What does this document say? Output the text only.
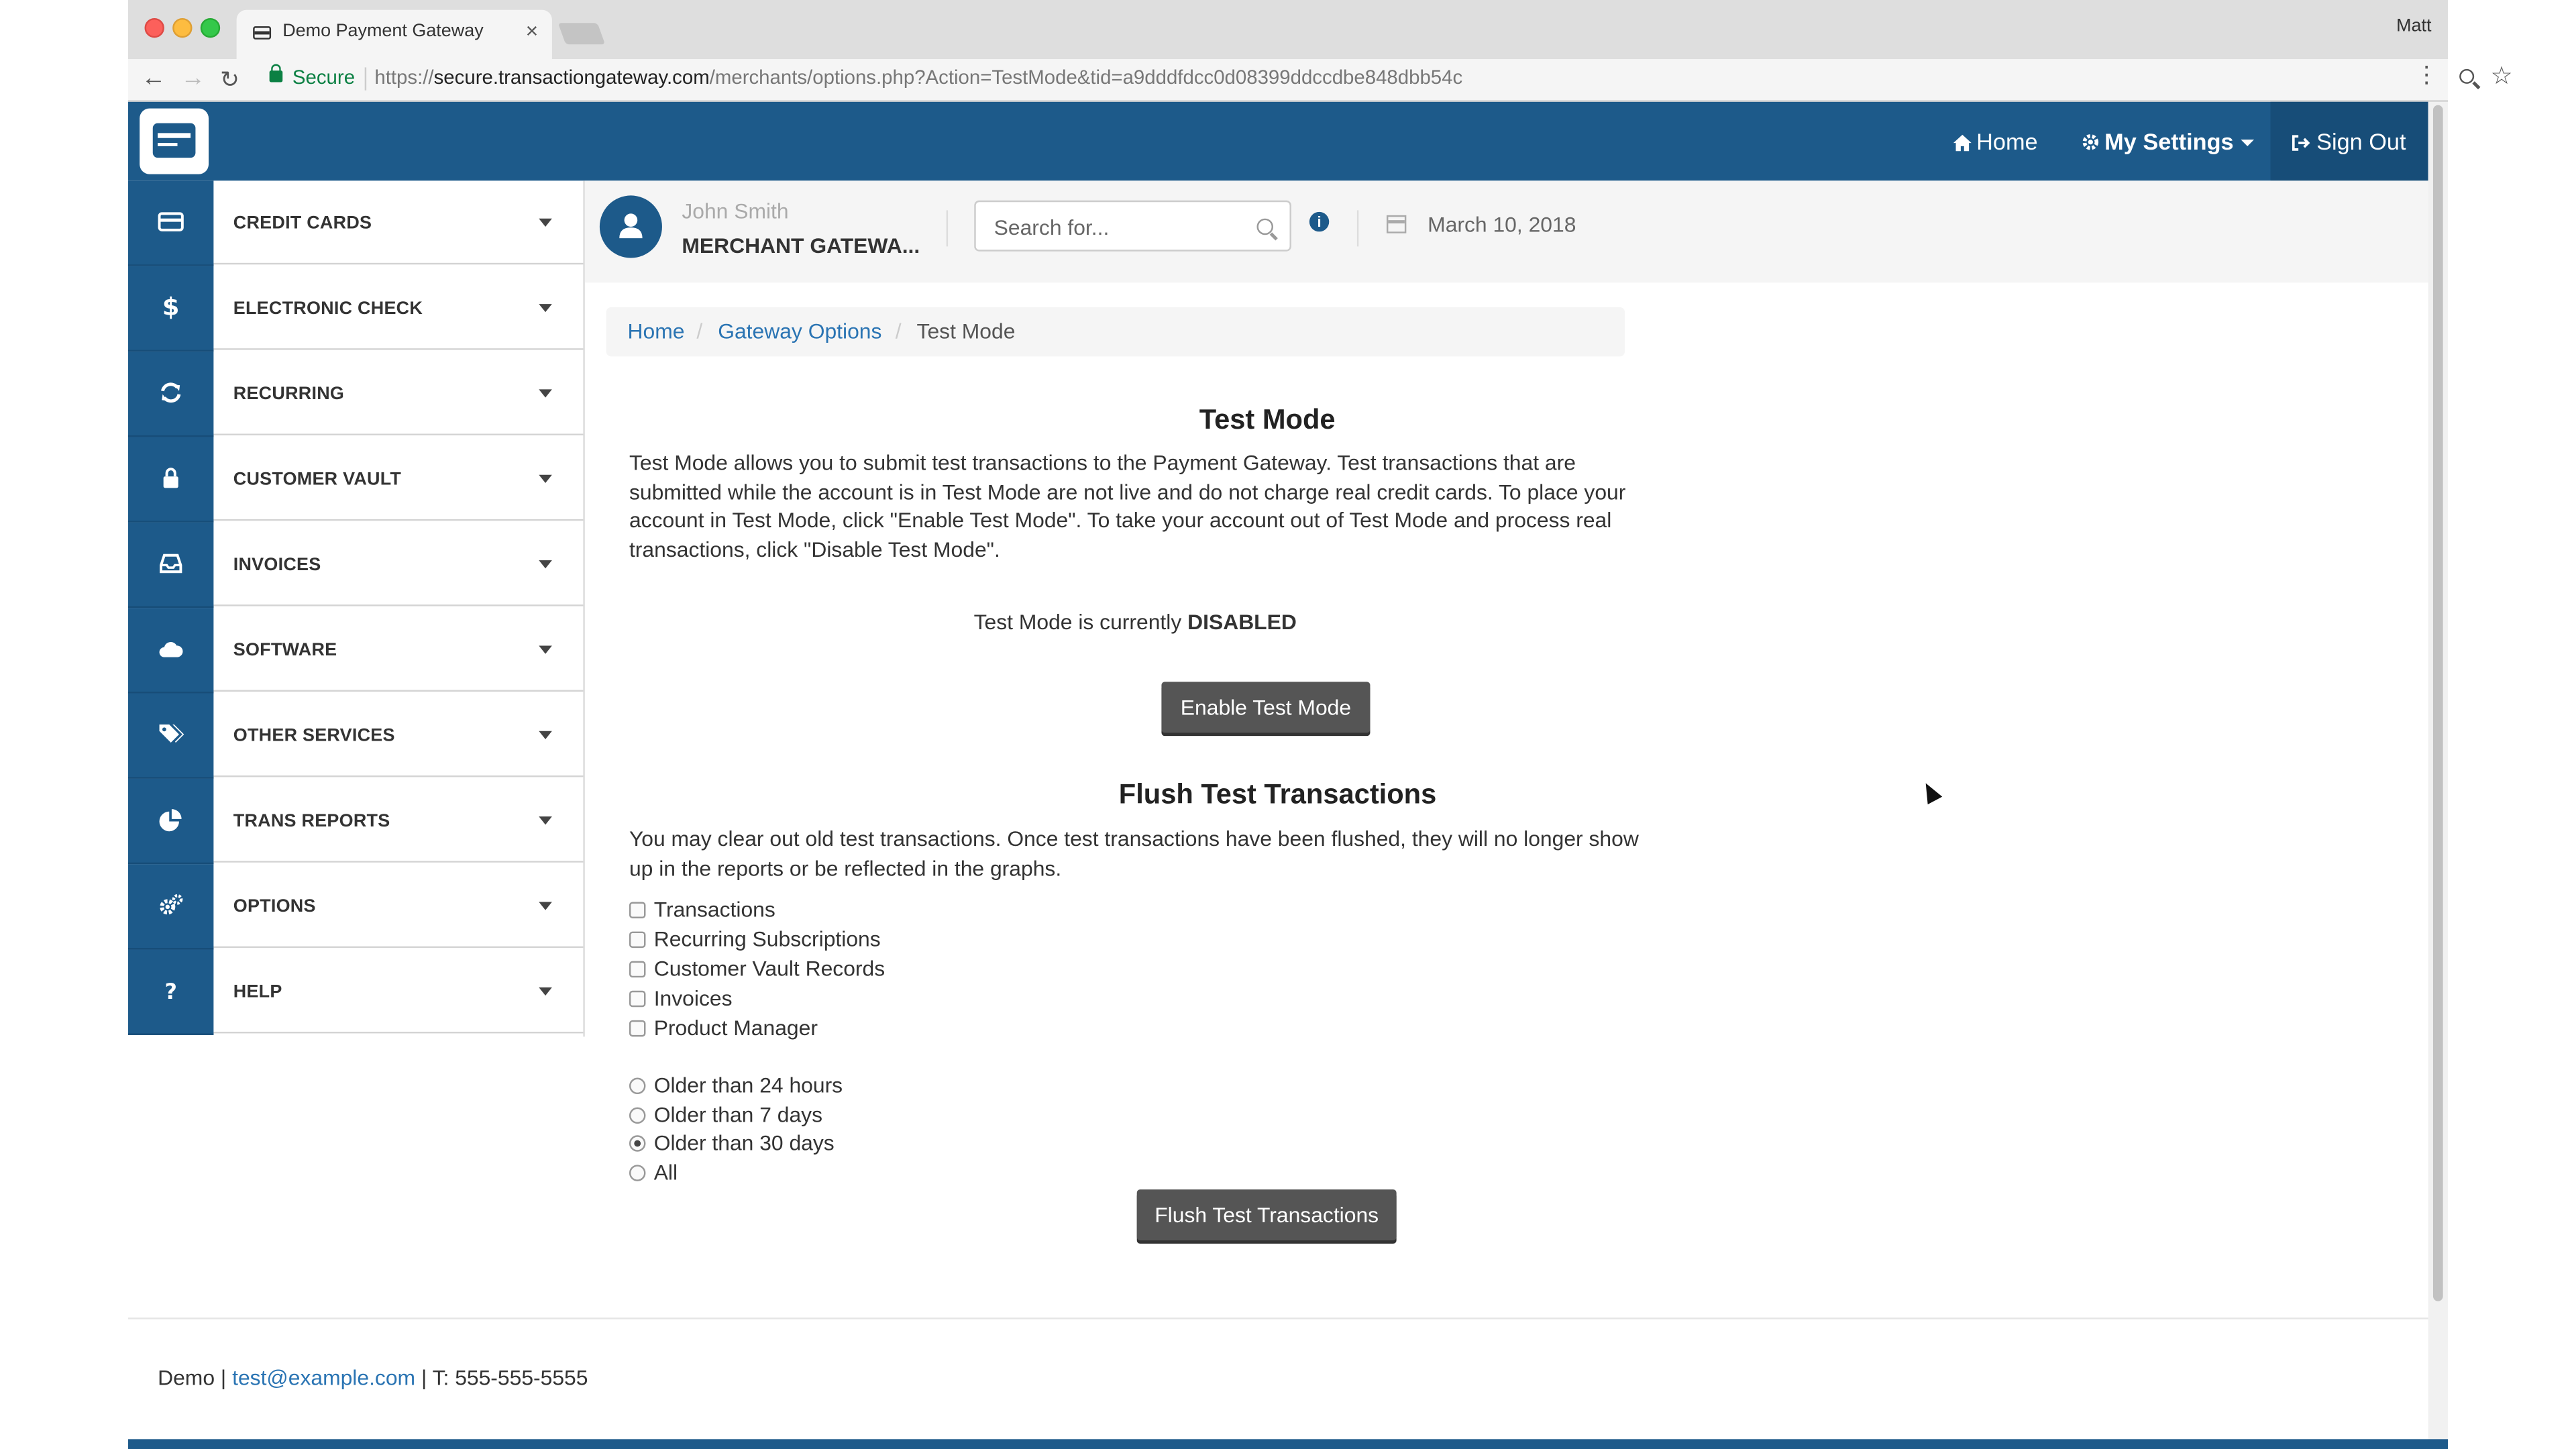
Demo Payment Gateway	×	Matt
← → ↻	Secure https://secure.transactiongateway.com/merchants/options.php?Action=TestMode&tid=a9dddfdcc0d08399ddccdbe848dbb54c	☆
⋮
Home	My Settings	Sign Out
CREDIT CARDS
$	ELECTRONIC CHECK
RECURRING
CUSTOMER VAULT
INVOICES
SOFTWARE
OTHER SERVICES
TRANS REPORTS
OPTIONS
?	HELP
John Smith
MERCHANT GATEWA...
Search for...	i	March 10, 2018
Home / Gateway Options / Test Mode
Test Mode
Test Mode allows you to submit test transactions to the Payment Gateway. Test transactions that are submitted while the account is in Test Mode are not live and do not charge real credit cards. To place your account in Test Mode, click "Enable Test Mode". To take your account out of Test Mode and process real transactions, click "Disable Test Mode".
Test Mode is currently DISABLED
Enable Test Mode
Flush Test Transactions
You may clear out old test transactions. Once test transactions have been flushed, they will no longer show up in the reports or be reflected in the graphs.
Transactions
Recurring Subscriptions
Customer Vault Records
Invoices
Product Manager
Older than 24 hours
Older than 7 days
Older than 30 days
All
Flush Test Transactions
Demo | test@example.com | T: 555-555-5555
